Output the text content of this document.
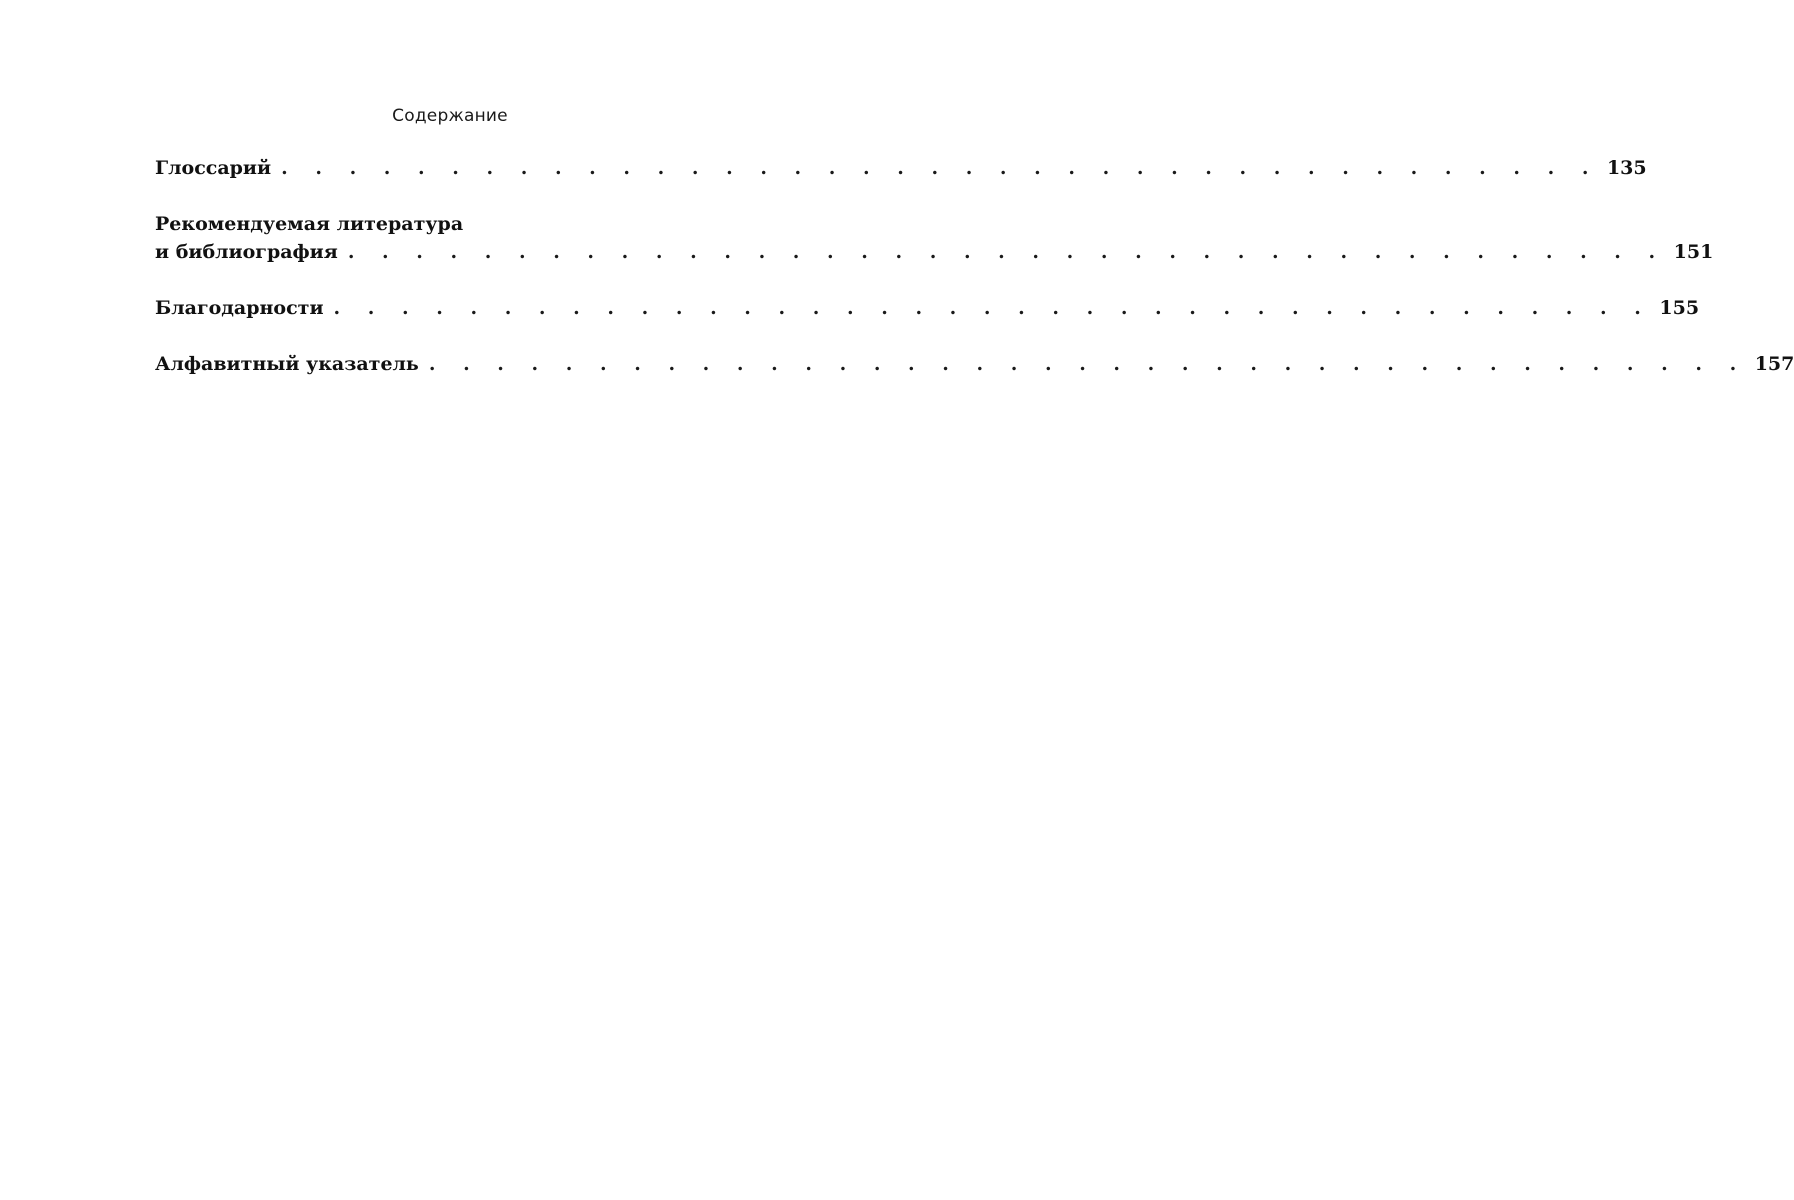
Содержание
Глоссарий . . . . . . . . . . . . . . . . . . . . . . . . . . . . . . . . . . . . . . . 135
Рекомендуемая литература
и библиография . . . . . . . . . . . . . . . . . . . . . . . . . . . . . . . . . . . . . . . 151
Благодарности . . . . . . . . . . . . . . . . . . . . . . . . . . . . . . . . . . . . . . . 155
Алфавитный указатель . . . . . . . . . . . . . . . . . . . . . . . . . . . . . . . . . . . . . . . 157
